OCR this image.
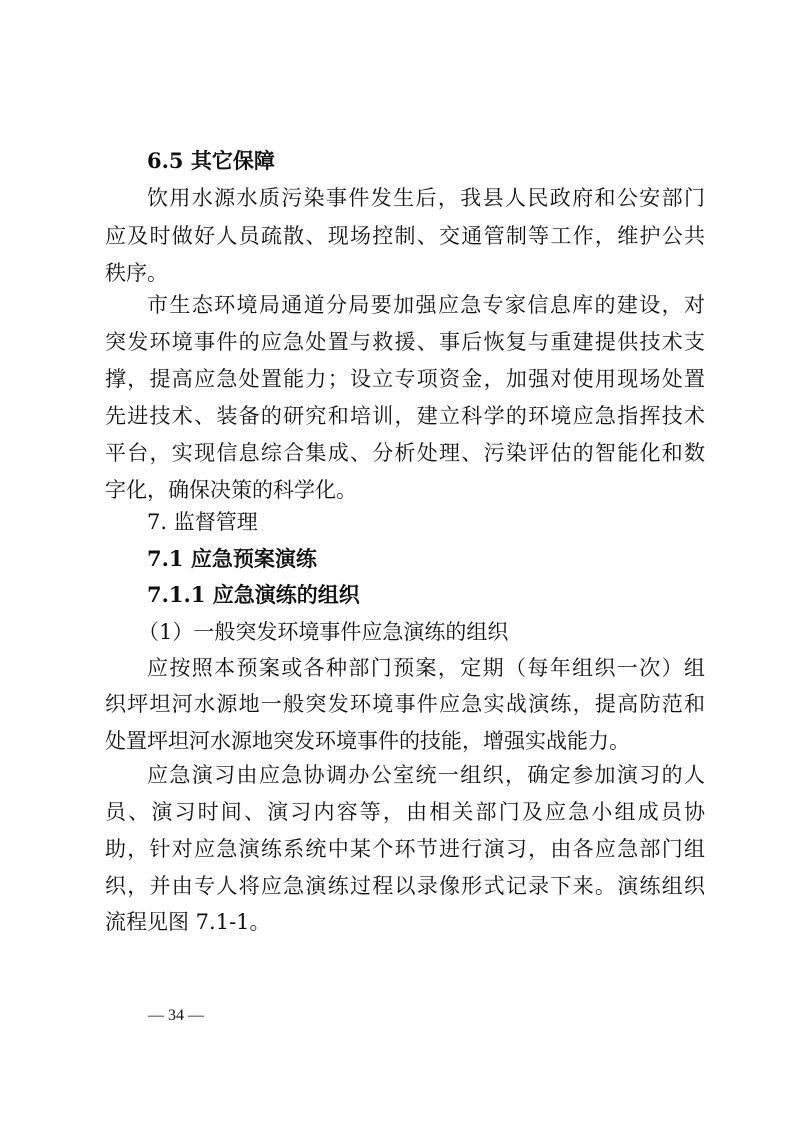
6.5 其它保障
饮用水源水质污染事件发生后，我县人民政府和公安部门
应及时做好人员疏散、现场控制、交通管制等工作，维护公共
秩序。
市生态环境局通道分局要加强应急专家信息库的建设，对
突发环境事件的应急处置与救援、事后恢复与重建提供技术支
撑，提高应急处置能力；设立专项资金，加强对使用现场处置
先进技术、装备的研究和培训，建立科学的环境应急指挥技术
平台，实现信息综合集成、分析处理、污染评估的智能化和数
字化，确保决策的科学化。
7. 监督管理
7.1 应急预案演练
7.1.1 应急演练的组织
（1）一般突发环境事件应急演练的组织
应按照本预案或各种部门预案，定期（每年组织一次）组
织坪坦河水源地一般突发环境事件应急实战演练，提高防范和
处置坪坦河水源地突发环境事件的技能，增强实战能力。
应急演习由应急协调办公室统一组织，确定参加演习的人
员、演习时间、演习内容等，由相关部门及应急小组成员协
助，针对应急演练系统中某个环节进行演习，由各应急部门组
织，并由专人将应急演练过程以录像形式记录下来。演练组织
流程见图 7.1-1。
— 34 —
